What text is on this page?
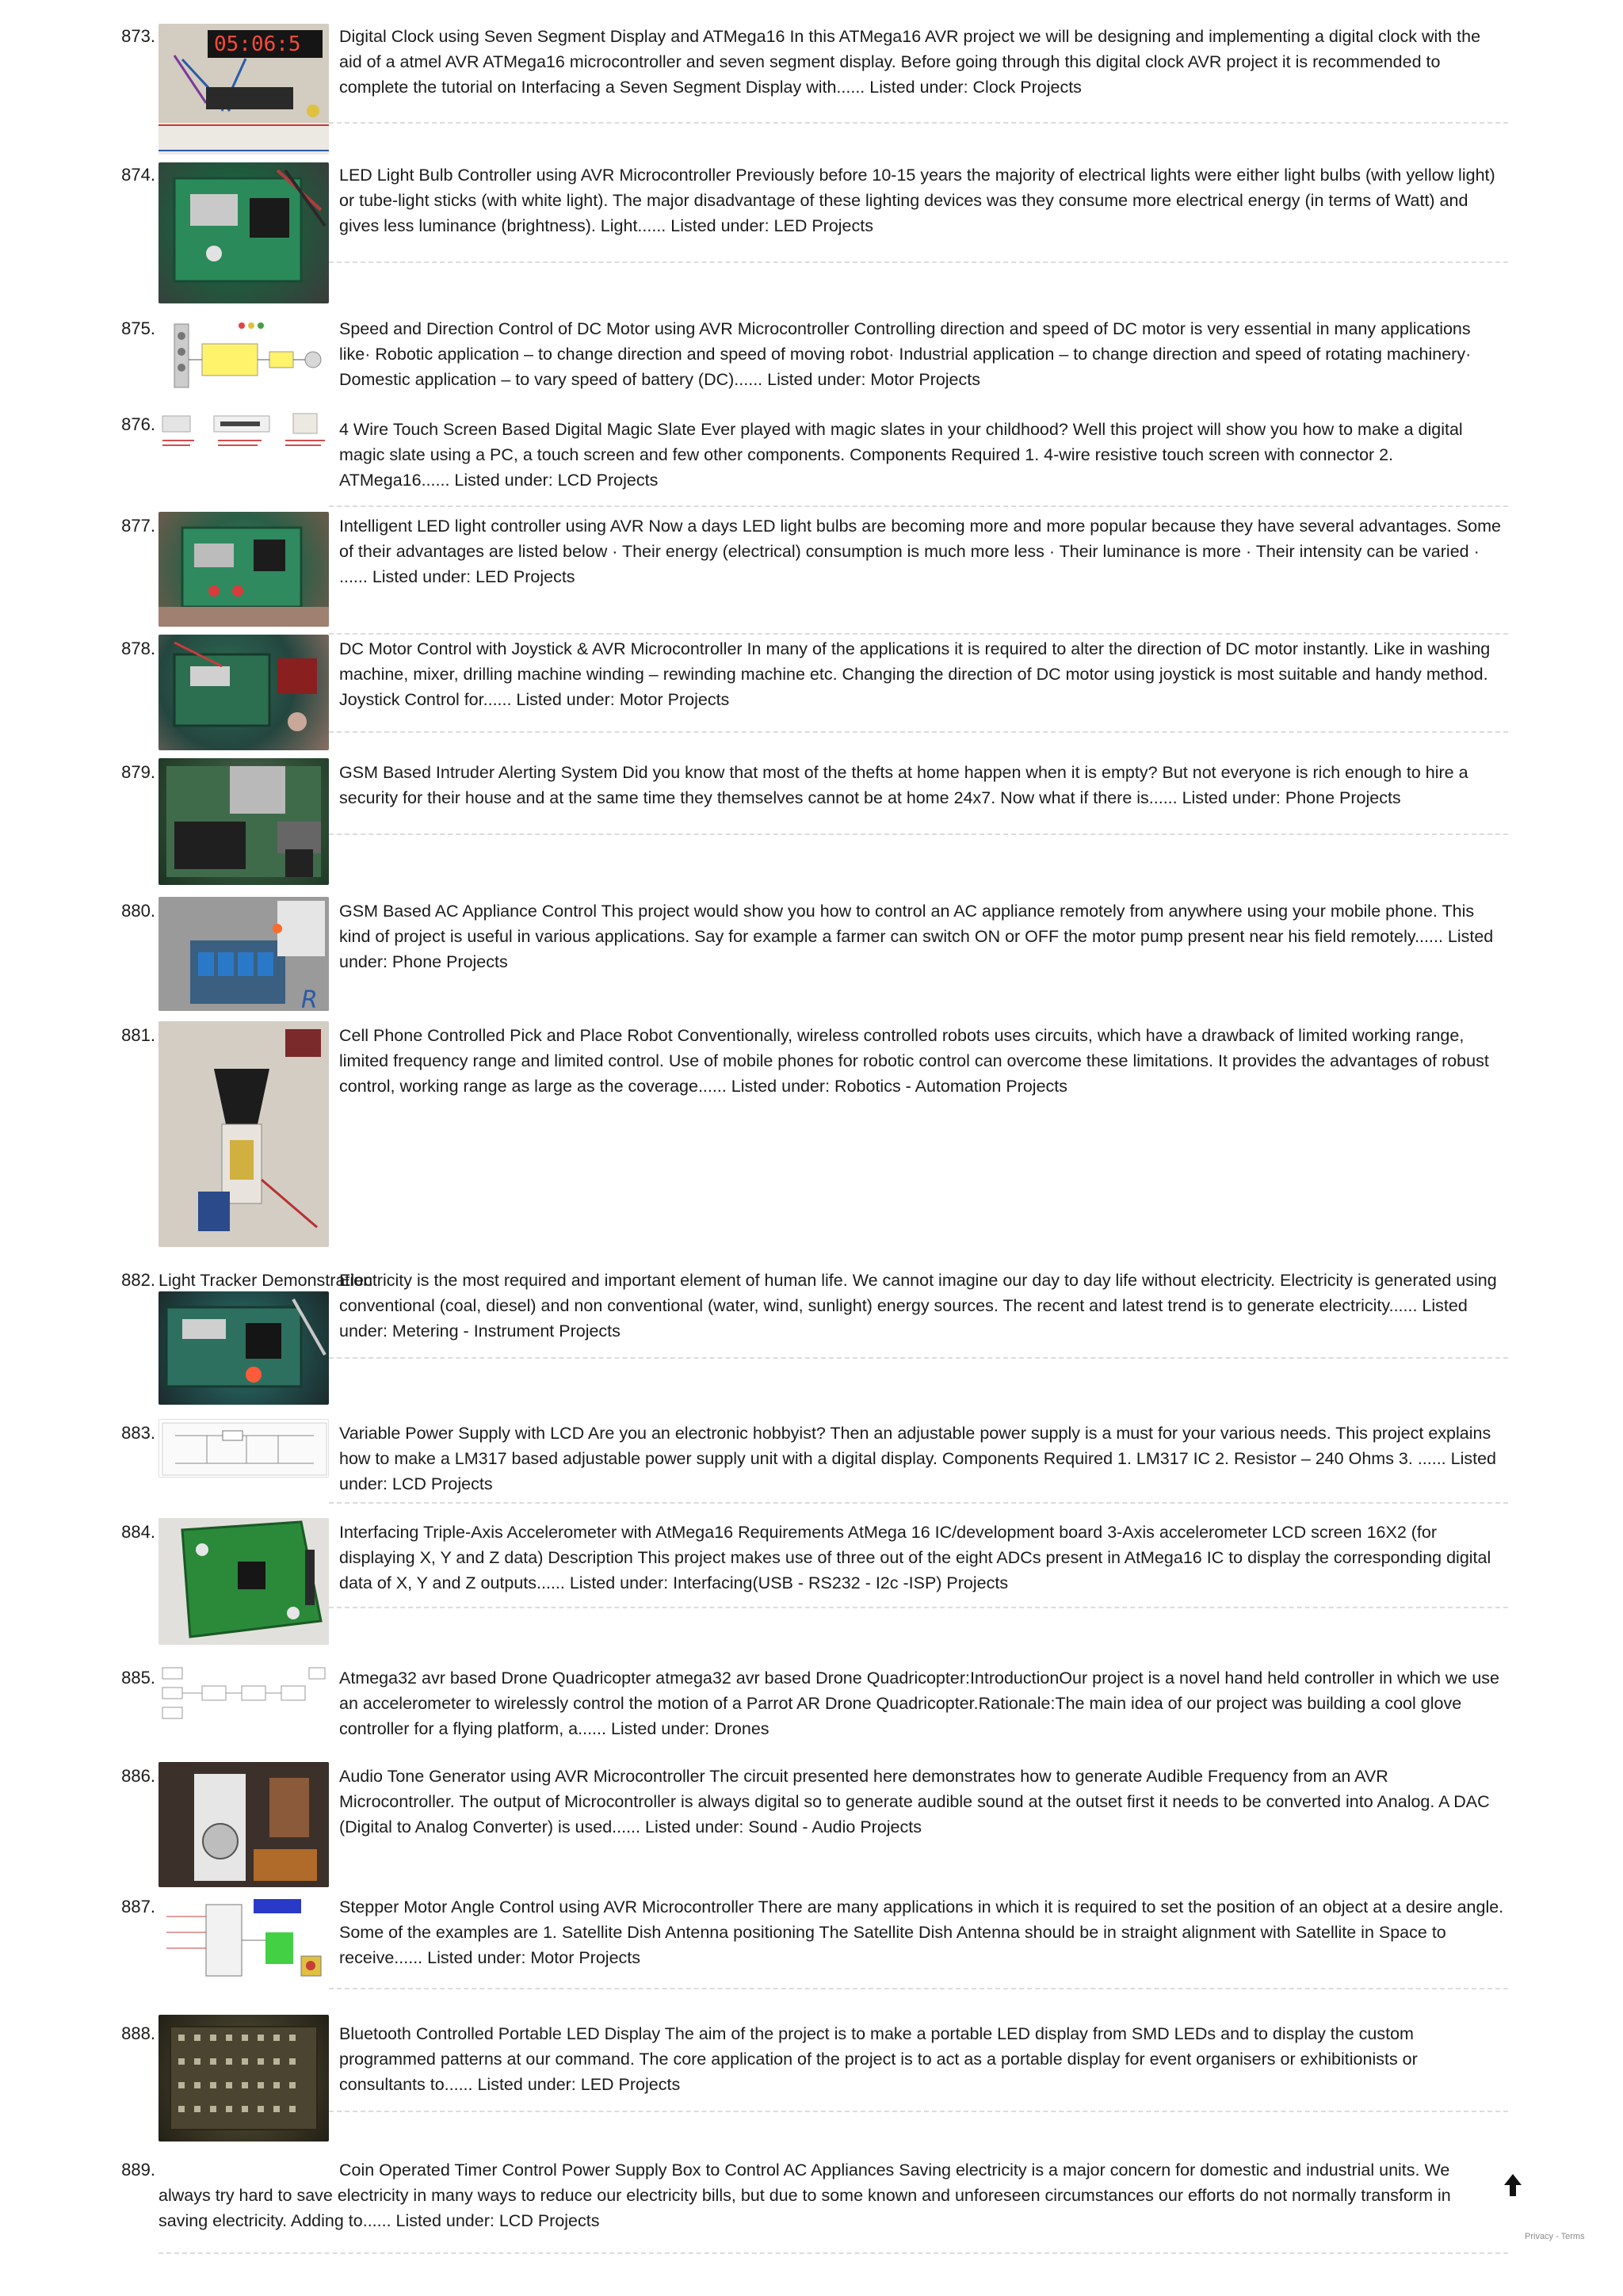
873.	05:06:5 Digital Clock using Seven Segment Display and ATMega16 In this ATMega16 AVR project we will be designing and implementing a digital clock with the aid of a atmel AVR ATMega16 microcontroller and seven segment display. Before going through this digital clock AVR project it is recommended to complete the tutorial on Interfacing a Seven Segment Display with...... Listed under: Clock Projects
874.	LED Light Bulb Controller using AVR Microcontroller Previously before 10-15 years the majority of electrical lights were either light bulbs (with yellow light) or tube-light sticks (with white light). The major disadvantage of these lighting devices was they consume more electrical energy (in terms of Watt) and gives less luminance (brightness). Light...... Listed under: LED Projects
875.	Speed and Direction Control of DC Motor using AVR Microcontroller Controlling direction and speed of DC motor is very essential in many applications like· Robotic application – to change direction and speed of moving robot· Industrial application – to change direction and speed of rotating machinery· Domestic application – to vary speed of battery (DC)...... Listed under: Motor Projects
876.	4 Wire Touch Screen Based Digital Magic Slate Ever played with magic slates in your childhood? Well this project will show you how to make a digital magic slate using a PC, a touch screen and few other components. Components Required 1. 4-wire resistive touch screen with connector 2. ATMega16...... Listed under: LCD Projects
877.	Intelligent LED light controller using AVR Now a days LED light bulbs are becoming more and more popular because they have several advantages. Some of their advantages are listed below · Their energy (electrical) consumption is much more less · Their luminance is more · Their intensity can be varied · ...... Listed under: LED Projects
878.	DC Motor Control with Joystick & AVR Microcontroller In many of the applications it is required to alter the direction of DC motor instantly. Like in washing machine, mixer, drilling machine winding – rewinding machine etc. Changing the direction of DC motor using joystick is most suitable and handy method. Joystick Control for...... Listed under: Motor Projects
879.	GSM Based Intruder Alerting System Did you know that most of the thefts at home happen when it is empty? But not everyone is rich enough to hire a security for their house and at the same time they themselves cannot be at home 24x7. Now what if there is...... Listed under: Phone Projects
880.
R
GSM Based AC Appliance Control This project would show you how to control an AC appliance remotely from anywhere using your mobile phone. This kind of project is useful in various applications. Say for example a farmer can switch ON or OFF the motor pump present near his field remotely...... Listed under: Phone Projects
881.	Cell Phone Controlled Pick and Place Robot Conventionally, wireless controlled robots uses circuits, which have a drawback of limited working range, limited frequency range and limited control. Use of mobile phones for robotic control can overcome these limitations. It provides the advantages of robust control, working range as large as the coverage...... Listed under: Robotics - Automation Projects
882. Light Tracker Demonstration
Electricity is the most required and important element of human life. We cannot imagine our day to day life without electricity. Electricity is generated using conventional (coal, diesel) and non conventional (water, wind, sunlight) energy sources. The recent and latest trend is to generate electricity...... Listed under: Metering - Instrument Projects
883.	Variable Power Supply with LCD Are you an electronic hobbyist? Then an adjustable power supply is a must for your various needs. This project explains how to make a LM317 based adjustable power supply unit with a digital display. Components Required 1. LM317 IC 2. Resistor – 240 Ohms 3. ...... Listed under: LCD Projects
884.	Interfacing Triple-Axis Accelerometer with AtMega16 Requirements AtMega 16 IC/development board 3-Axis accelerometer LCD screen 16X2 (for displaying X, Y and Z data) Description This project makes use of three out of the eight ADCs present in AtMega16 IC to display the corresponding digital data of X, Y and Z outputs...... Listed under: Interfacing(USB - RS232 - I2c -ISP) Projects
885.	Atmega32 avr based Drone Quadricopter atmega32 avr based Drone Quadricopter:IntroductionOur project is a novel hand held controller in which we use an accelerometer to wirelessly control the motion of a Parrot AR Drone Quadricopter.Rationale:The main idea of our project was building a cool glove controller for a flying platform, a...... Listed under: Drones
886.	Audio Tone Generator using AVR Microcontroller The circuit presented here demonstrates how to generate Audible Frequency from an AVR Microcontroller. The output of Microcontroller is always digital so to generate audible sound at the outset first it needs to be converted into Analog. A DAC (Digital to Analog Converter) is used...... Listed under: Sound - Audio Projects
887.	Stepper Motor Angle Control using AVR Microcontroller There are many applications in which it is required to set the position of an object at a desire angle. Some of the examples are 1. Satellite Dish Antenna positioning The Satellite Dish Antenna should be in straight alignment with Satellite in Space to receive...... Listed under: Motor Projects
888.	Bluetooth Controlled Portable LED Display The aim of the project is to make a portable LED display from SMD LEDs and to display the custom programmed patterns at our command. The core application of the project is to act as a portable display for event organisers or exhibitionists or consultants to...... Listed under: LED Projects
889.	Coin Operated Timer Control Power Supply Box to Control AC Appliances Saving electricity is a major concern for domestic and industrial units. We always try hard to save electricity in many ways to reduce our electricity bills, but due to some known and unforeseen circumstances our efforts do not normally transform in saving electricity. Adding to...... Listed under: LCD Projects
Privacy - Terms
